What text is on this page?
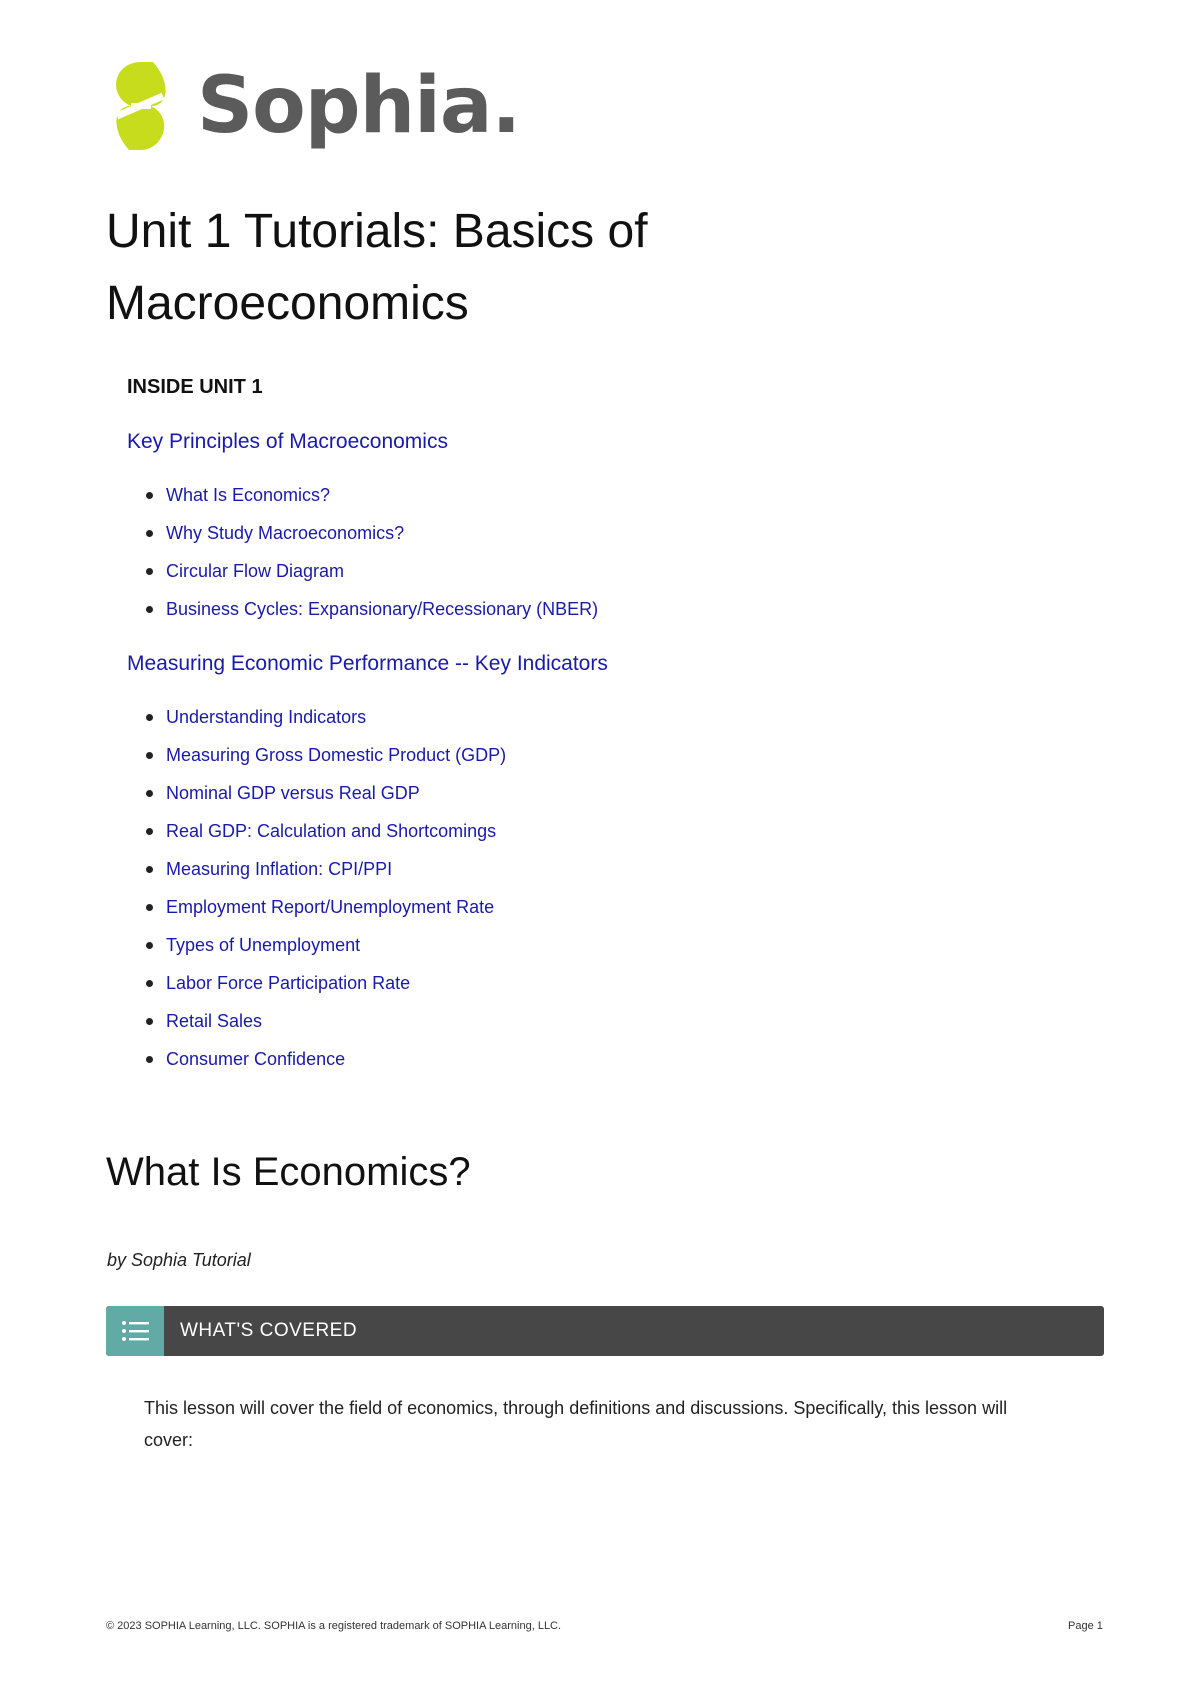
Sophia.
Unit 1 Tutorials: Basics of Macroeconomics
INSIDE UNIT 1
Key Principles of Macroeconomics
What Is Economics?
Why Study Macroeconomics?
Circular Flow Diagram
Business Cycles: Expansionary/Recessionary (NBER)
Measuring Economic Performance -- Key Indicators
Understanding Indicators
Measuring Gross Domestic Product (GDP)
Nominal GDP versus Real GDP
Real GDP: Calculation and Shortcomings
Measuring Inflation: CPI/PPI
Employment Report/Unemployment Rate
Types of Unemployment
Labor Force Participation Rate
Retail Sales
Consumer Confidence
What Is Economics?
by Sophia Tutorial
WHAT'S COVERED

This lesson will cover the field of economics, through definitions and discussions. Specifically, this lesson will cover:

© 2023 SOPHIA Learning, LLC. SOPHIA is a registered trademark of SOPHIA Learning, LLC.	Page 1
